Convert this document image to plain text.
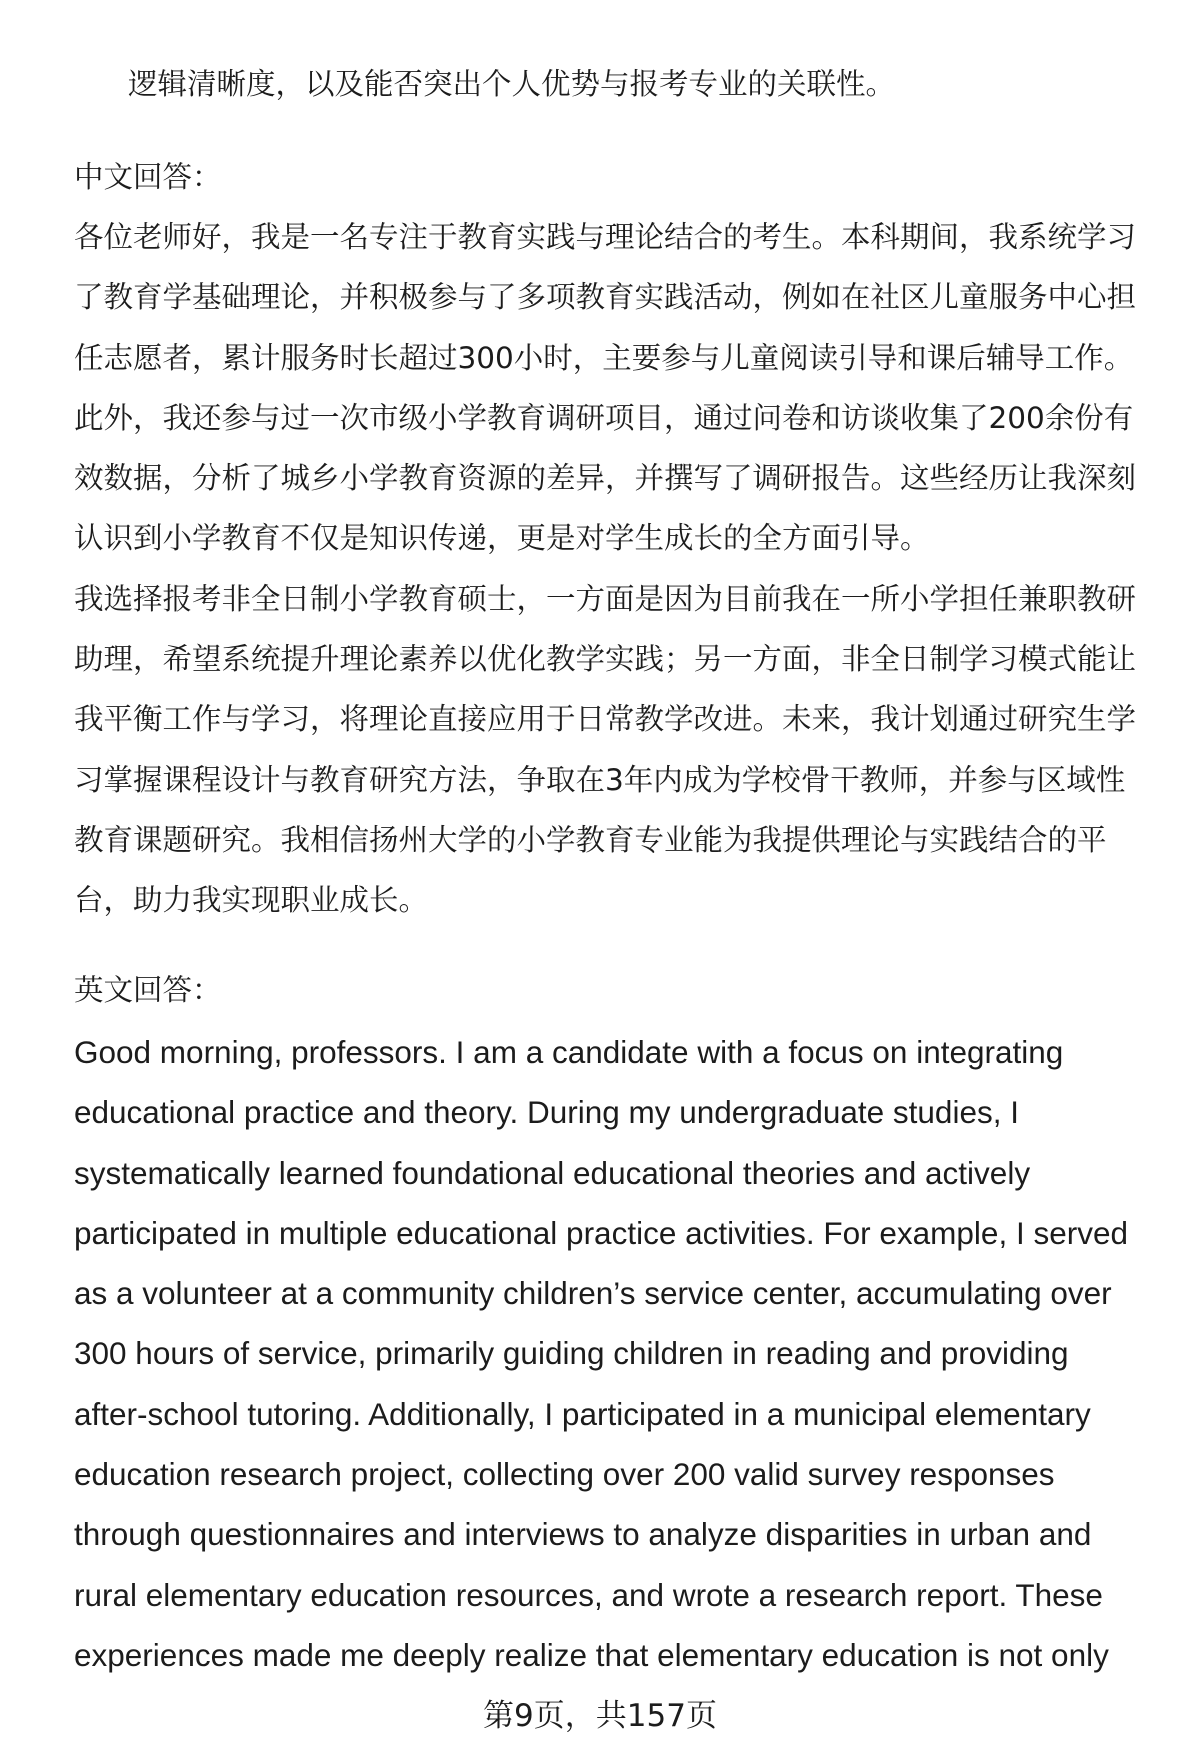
逻辑清晰度，以及能否突出个人优势与报考专业的关联性。
中文回答：
各位老师好，我是一名专注于教育实践与理论结合的考生。本科期间，我系统学习
了教育学基础理论，并积极参与了多项教育实践活动，例如在社区儿童服务中心担
任志愿者，累计服务时长超过300小时，主要参与儿童阅读引导和课后辅导工作。
此外，我还参与过一次市级小学教育调研项目，通过问卷和访谈收集了200余份有
效数据，分析了城乡小学教育资源的差异，并撰写了调研报告。这些经历让我深刻
认识到小学教育不仅是知识传递，更是对学生成长的全方面引导。
我选择报考非全日制小学教育硕士，一方面是因为目前我在一所小学担任兼职教研
助理，希望系统提升理论素养以优化教学实践；另一方面，非全日制学习模式能让
我平衡工作与学习，将理论直接应用于日常教学改进。未来，我计划通过研究生学
习掌握课程设计与教育研究方法，争取在3年内成为学校骨干教师，并参与区域性
教育课题研究。我相信扬州大学的小学教育专业能为我提供理论与实践结合的平
台，助力我实现职业成长。
英文回答：
Good morning, professors. I am a candidate with a focus on integrating
educational practice and theory. During my undergraduate studies, I
systematically learned foundational educational theories and actively
participated in multiple educational practice activities. For example, I served
as a volunteer at a community children’s service center, accumulating over
300 hours of service, primarily guiding children in reading and providing
after-school tutoring. Additionally, I participated in a municipal elementary
education research project, collecting over 200 valid survey responses
through questionnaires and interviews to analyze disparities in urban and
rural elementary education resources, and wrote a research report. These
experiences made me deeply realize that elementary education is not only
第9页，共157页
